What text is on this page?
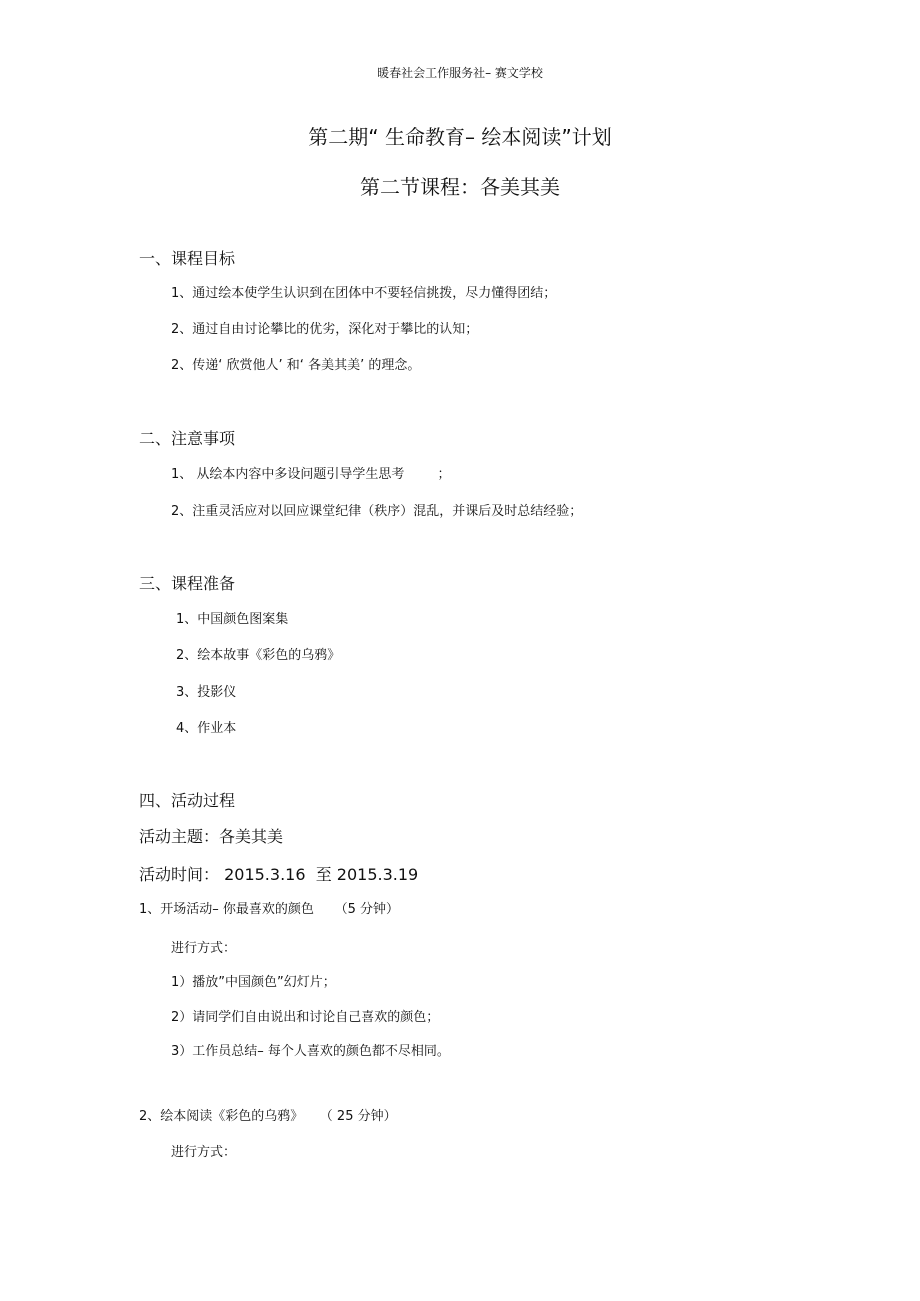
暖春社会工作服务社– 赛文学校
第二期“ 生命教育– 绘本阅读”计划
第二节课程：各美其美
一、课程目标
1、通过绘本使学生认识到在团体中不要轻信挑拨，尽力懂得团结；
2、通过自由讨论攀比的优劣，深化对于攀比的认知；
2、传递‘ 欣赏他人’ 和‘ 各美其美’ 的理念。
二、注意事项
1、 从绘本内容中多设问题引导学生思考        ；
2、注重灵活应对以回应课堂纪律（秩序）混乱，并课后及时总结经验；
三、课程准备
1、中国颜色图案集
2、绘本故事《彩色的乌鸦》
3、投影仪
4、作业本
四、活动过程
活动主题：各美其美
活动时间： 2015.3.16  至 2015.3.19
1、开场活动– 你最喜欢的颜色     （5 分钟）
进行方式：
1）播放”中国颜色”幻灯片；
2）请同学们自由说出和讨论自己喜欢的颜色；
3）工作员总结– 每个人喜欢的颜色都不尽相同。
2、绘本阅读《彩色的乌鸦》    （ 25 分钟）
进行方式：
